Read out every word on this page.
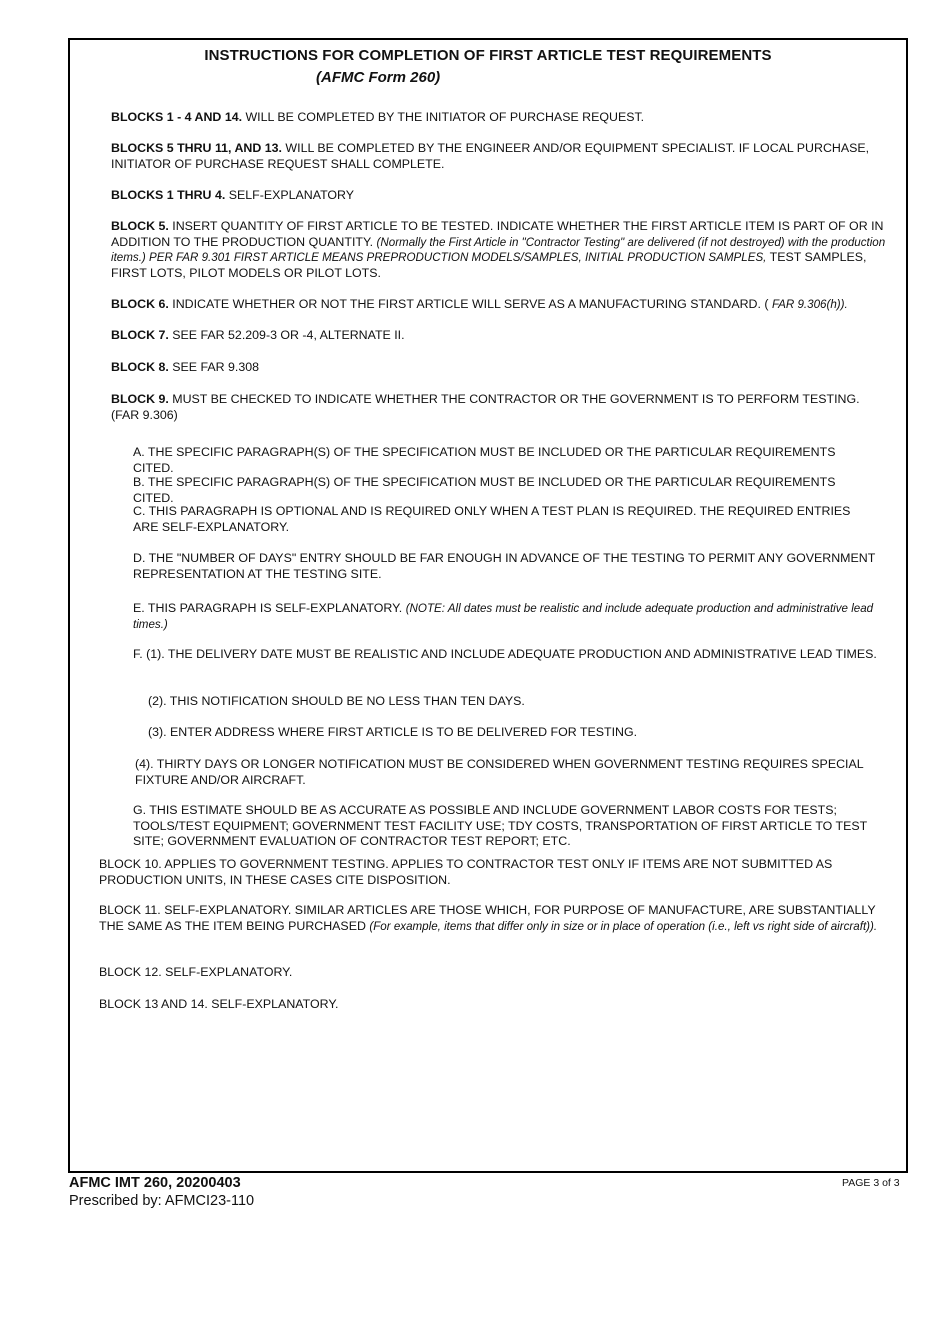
INSTRUCTIONS FOR COMPLETION OF FIRST ARTICLE TEST REQUIREMENTS
(AFMC Form 260)

BLOCKS 1 - 4 AND 14. WILL BE COMPLETED BY THE INITIATOR OF PURCHASE REQUEST.

BLOCKS 5 THRU 11, AND 13. WILL BE COMPLETED BY THE ENGINEER AND/OR EQUIPMENT SPECIALIST. IF LOCAL PURCHASE, INITIATOR OF PURCHASE REQUEST SHALL COMPLETE.

BLOCKS 1 THRU 4. SELF-EXPLANATORY

BLOCK 5. INSERT QUANTITY OF FIRST ARTICLE TO BE TESTED. INDICATE WHETHER THE FIRST ARTICLE ITEM IS PART OF OR IN ADDITION TO THE PRODUCTION QUANTITY. (Normally the First Article in "Contractor Testing" are delivered (if not destroyed) with the production items.) PER FAR 9.301 FIRST ARTICLE MEANS PREPRODUCTION MODELS/SAMPLES, INITIAL PRODUCTION SAMPLES, TEST SAMPLES, FIRST LOTS, PILOT MODELS OR PILOT LOTS.

BLOCK 6. INDICATE WHETHER OR NOT THE FIRST ARTICLE WILL SERVE AS A MANUFACTURING STANDARD. ( FAR 9.306(h)).

BLOCK 7. SEE FAR 52.209-3 OR -4, ALTERNATE II.

BLOCK 8. SEE FAR 9.308

BLOCK 9. MUST BE CHECKED TO INDICATE WHETHER THE CONTRACTOR OR THE GOVERNMENT IS TO PERFORM TESTING. (FAR 9.306)

A. THE SPECIFIC PARAGRAPH(S) OF THE SPECIFICATION MUST BE INCLUDED OR THE PARTICULAR REQUIREMENTS CITED.

B. THE SPECIFIC PARAGRAPH(S) OF THE SPECIFICATION MUST BE INCLUDED OR THE PARTICULAR REQUIREMENTS CITED.

C. THIS PARAGRAPH IS OPTIONAL AND IS REQUIRED ONLY WHEN A TEST PLAN IS REQUIRED. THE REQUIRED ENTRIES ARE SELF-EXPLANATORY.

D. THE "NUMBER OF DAYS" ENTRY SHOULD BE FAR ENOUGH IN ADVANCE OF THE TESTING TO PERMIT ANY GOVERNMENT REPRESENTATION AT THE TESTING SITE.

E. THIS PARAGRAPH IS SELF-EXPLANATORY. (NOTE: All dates must be realistic and include adequate production and administrative lead times.)

F. (1). THE DELIVERY DATE MUST BE REALISTIC AND INCLUDE ADEQUATE PRODUCTION AND ADMINISTRATIVE LEAD TIMES.

(2). THIS NOTIFICATION SHOULD BE NO LESS THAN TEN DAYS.

(3). ENTER ADDRESS WHERE FIRST ARTICLE IS TO BE DELIVERED FOR TESTING.

(4). THIRTY DAYS OR LONGER NOTIFICATION MUST BE CONSIDERED WHEN GOVERNMENT TESTING REQUIRES SPECIAL FIXTURE AND/OR AIRCRAFT.

G. THIS ESTIMATE SHOULD BE AS ACCURATE AS POSSIBLE AND INCLUDE GOVERNMENT LABOR COSTS FOR TESTS; TOOLS/TEST EQUIPMENT; GOVERNMENT TEST FACILITY USE; TDY COSTS, TRANSPORTATION OF FIRST ARTICLE TO TEST SITE; GOVERNMENT EVALUATION OF CONTRACTOR TEST REPORT; ETC.

BLOCK 10. APPLIES TO GOVERNMENT TESTING. APPLIES TO CONTRACTOR TEST ONLY IF ITEMS ARE NOT SUBMITTED AS PRODUCTION UNITS, IN THESE CASES CITE DISPOSITION.

BLOCK 11. SELF-EXPLANATORY. SIMILAR ARTICLES ARE THOSE WHICH, FOR PURPOSE OF MANUFACTURE, ARE SUBSTANTIALLY THE SAME AS THE ITEM BEING PURCHASED (For example, items that differ only in size or in place of operation (i.e., left vs right side of aircraft)).

BLOCK 12. SELF-EXPLANATORY.

BLOCK 13 AND 14. SELF-EXPLANATORY.

AFMC IMT 260, 20200403
Prescribed by: AFMCI23-110
PAGE 3 of 3
